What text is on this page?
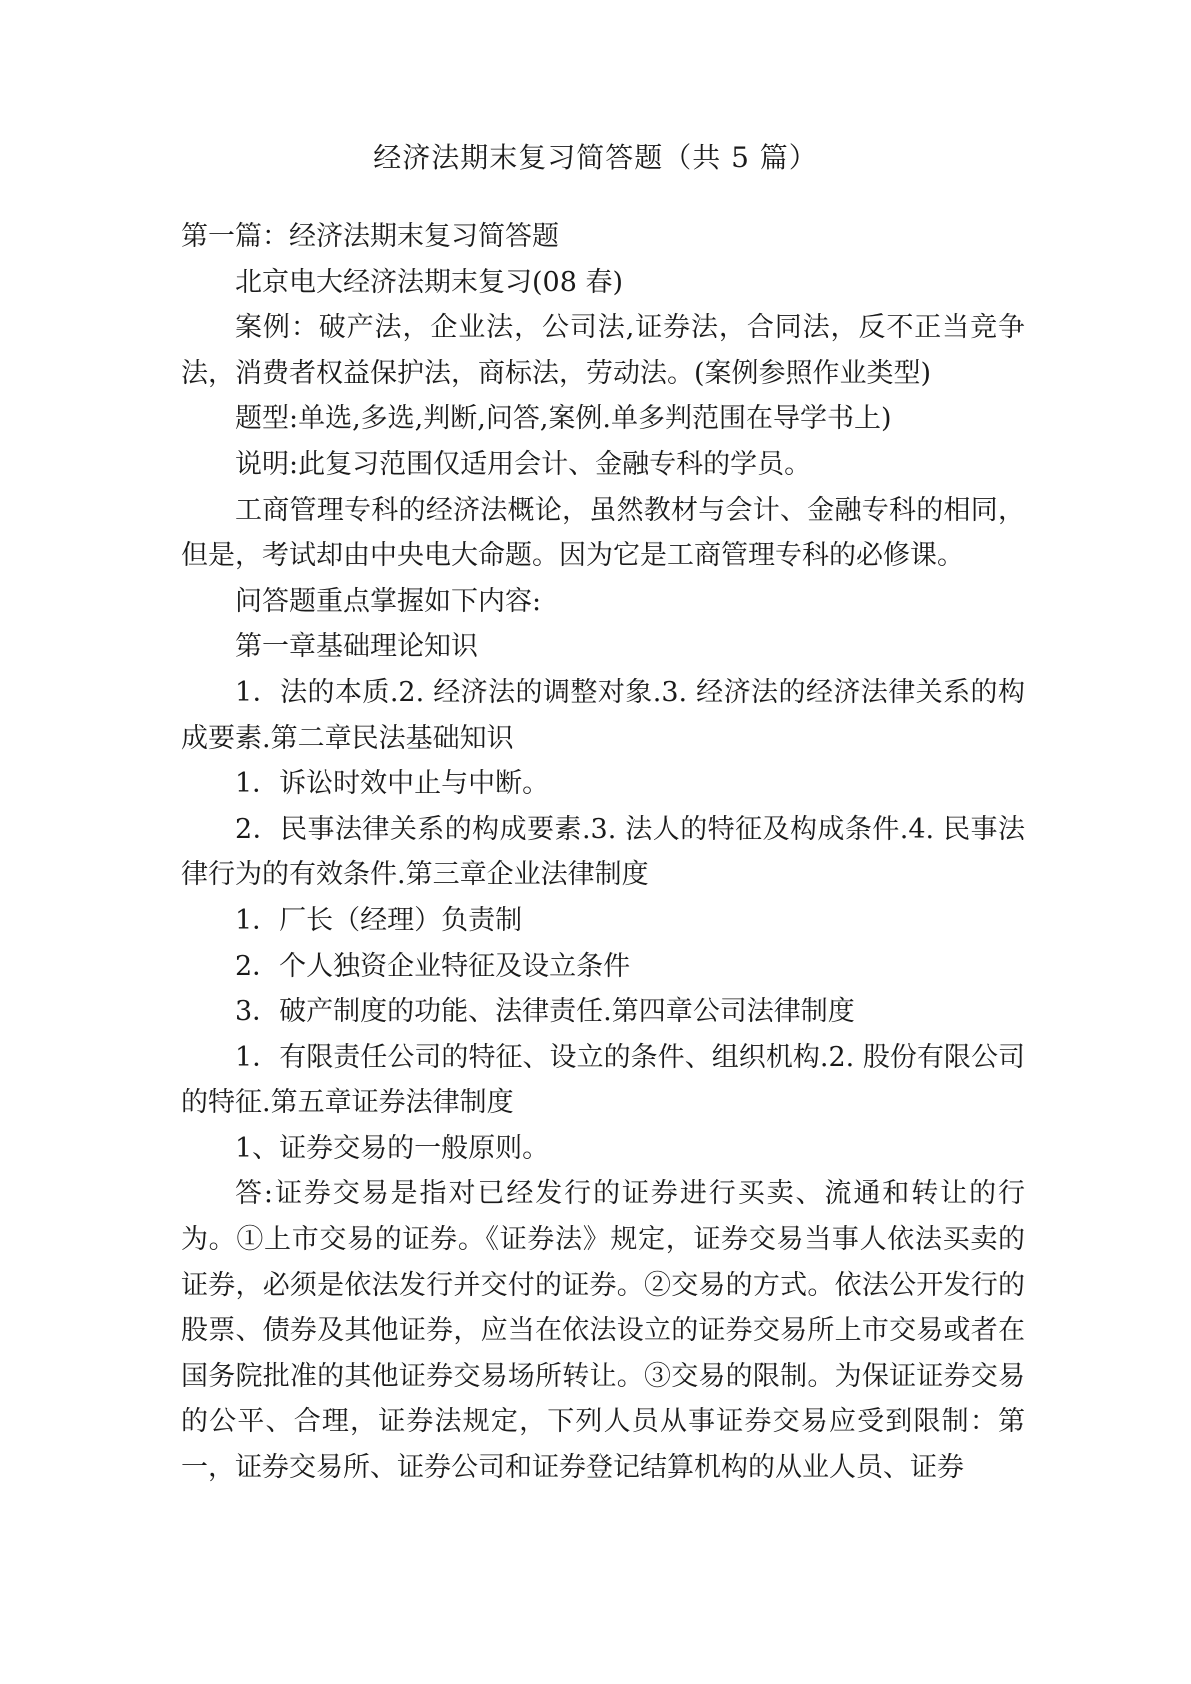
经济法期末复习简答题（共 5 篇）

第一篇：经济法期末复习简答题

北京电大经济法期末复习(08 春)

案例：破产法，企业法，公司法,证券法，合同法，反不正当竞争法，消费者权益保护法，商标法，劳动法。(案例参照作业类型)

题型:单选,多选,判断,问答,案例.单多判范围在导学书上)

说明:此复习范围仅适用会计、金融专科的学员。

工商管理专科的经济法概论，虽然教材与会计、金融专科的相同，但是，考试却由中央电大命题。因为它是工商管理专科的必修课。

问答题重点掌握如下内容:

第一章基础理论知识

1．法的本质.2. 经济法的调整对象.3. 经济法的经济法律关系的构成要素.第二章民法基础知识

1．诉讼时效中止与中断。

2．民事法律关系的构成要素.3. 法人的特征及构成条件.4. 民事法律行为的有效条件.第三章企业法律制度

1．厂长（经理）负责制

2．个人独资企业特征及设立条件

3．破产制度的功能、法律责任.第四章公司法律制度

1．有限责任公司的特征、设立的条件、组织机构.2. 股份有限公司的特征.第五章证券法律制度

1、证券交易的一般原则。

答:证券交易是指对已经发行的证券进行买卖、流通和转让的行为。①上市交易的证券。《证券法》规定，证券交易当事人依法买卖的证券，必须是依法发行并交付的证券。②交易的方式。依法公开发行的股票、债券及其他证券，应当在依法设立的证券交易所上市交易或者在国务院批准的其他证券交易场所转让。③交易的限制。为保证证券交易的公平、合理，证券法规定，下列人员从事证券交易应受到限制：第一，证券交易所、证券公司和证券登记结算机构的从业人员、证券
